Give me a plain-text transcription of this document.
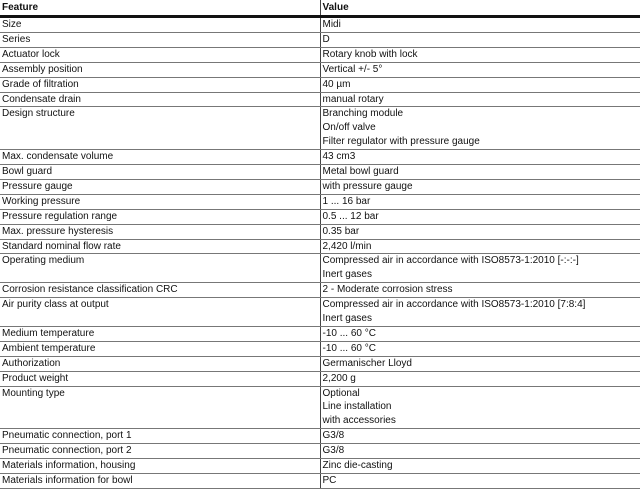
Feature	Value
Size	Midi

Series	D

Actuator lock	Rotary knob with lock

Assembly position	Vertical +/- 5°

Grade of filtration	40 µm

Condensate drain	manual rotary

Design structure	Branching module
On/off valve
Filter regulator with pressure gauge

Max. condensate volume	43 cm3

Bowl guard	Metal bowl guard

Pressure gauge	with pressure gauge

Working pressure	1 ... 16 bar

Pressure regulation range	0.5 ... 12 bar

Max. pressure hysteresis	0.35 bar

Standard nominal flow rate	2,420 l/min

Operating medium	Compressed air in accordance with ISO8573-1:2010 [-:-:-]
Inert gases

Corrosion resistance classification CRC	2 - Moderate corrosion stress

Air purity class at output	Compressed air in accordance with ISO8573-1:2010 [7:8:4]
Inert gases

Medium temperature	-10 ... 60 °C

Ambient temperature	-10 ... 60 °C

Authorization	Germanischer Lloyd

Product weight	2,200 g

Mounting type	Optional
Line installation
with accessories

Pneumatic connection, port 1	G3/8

Pneumatic connection, port 2	G3/8

Materials information, housing	Zinc die-casting

Materials information for bowl	PC
